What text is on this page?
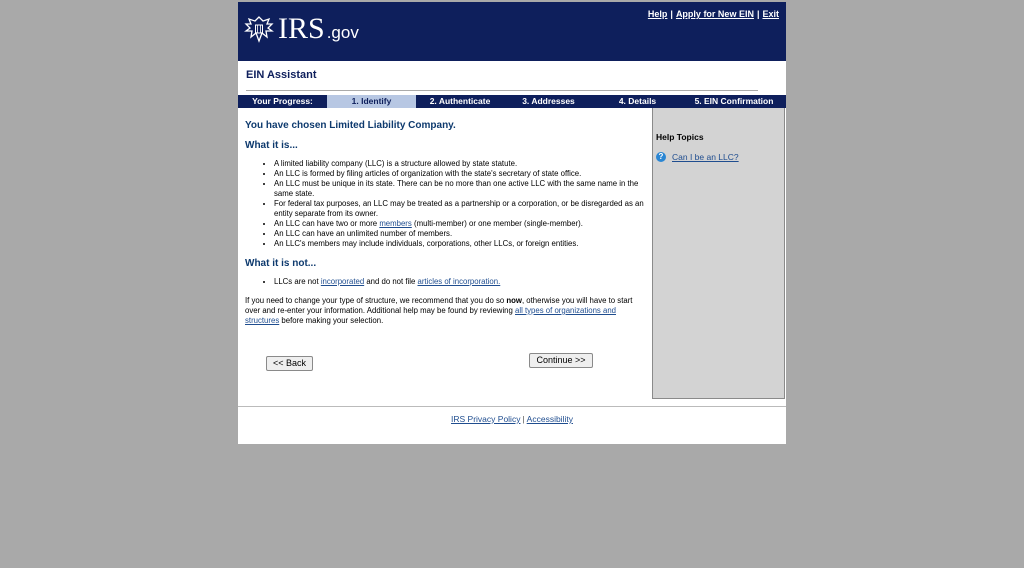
IRS .gov
Help | Apply for New EIN | Exit
EIN Assistant
Your Progress:	1. Identify	2. Authenticate	3. Addresses	4. Details	5. EIN Confirmation
You have chosen Limited Liability Company.
What it is...
• A limited liability company (LLC) is a structure allowed by state statute.
• An LLC is formed by filing articles of organization with the state's secretary of state office.
• An LLC must be unique in its state. There can be no more than one active LLC with the same name in the same state.
• For federal tax purposes, an LLC may be treated as a partnership or a corporation, or be disregarded as an entity separate from its owner.
• An LLC can have two or more members (multi-member) or one member (single-member).
• An LLC can have an unlimited number of members.
• An LLC's members may include individuals, corporations, other LLCs, or foreign entities.
What it is not...
• LLCs are not incorporated and do not file articles of incorporation.
If you need to change your type of structure, we recommend that you do so now, otherwise you will have to start over and re-enter your information. Additional help may be found by reviewing all types of organizations and structures before making your selection.
<< Back	Continue >>
Help Topics
?	Can I be an LLC?
IRS Privacy Policy | Accessibility
